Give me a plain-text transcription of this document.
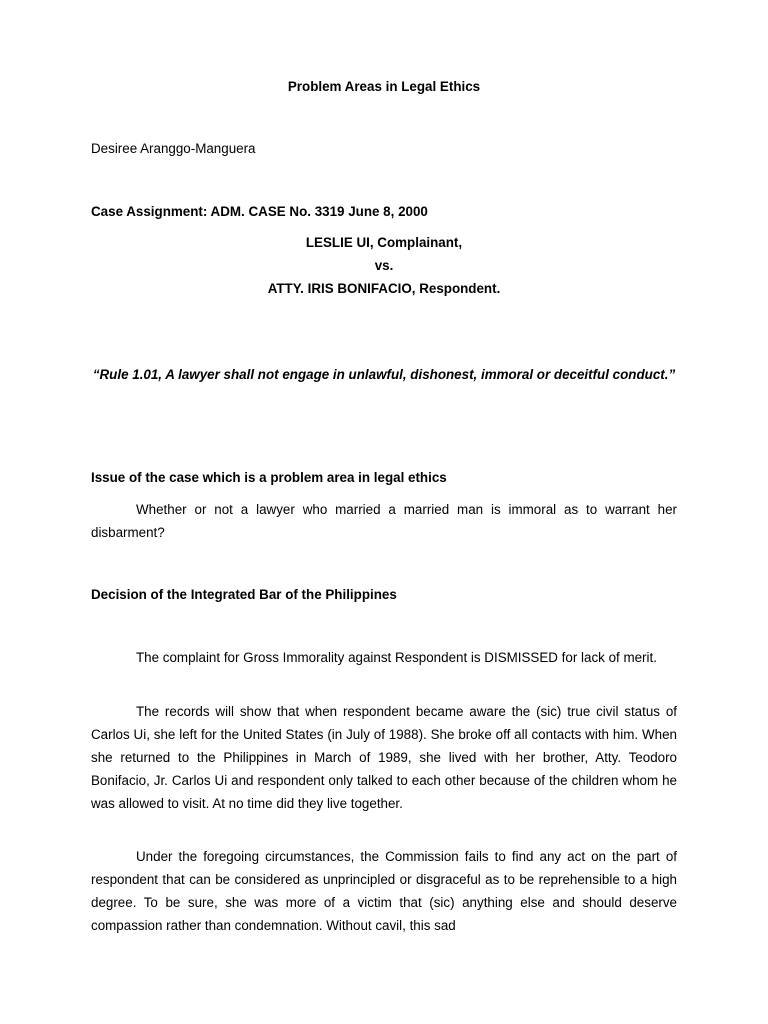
Problem Areas in Legal Ethics

Desiree Aranggo-Manguera

Case Assignment: ADM. CASE No. 3319 June 8, 2000

LESLIE UI, Complainant,

vs.

ATTY. IRIS BONIFACIO, Respondent.

“Rule 1.01, A lawyer shall not engage in unlawful, dishonest, immoral or deceitful conduct.”

Issue of the case which is a problem area in legal ethics

Whether or not a lawyer who married a married man is immoral as to warrant her disbarment?

Decision of the Integrated Bar of the Philippines

The complaint for Gross Immorality against Respondent is DISMISSED for lack of merit.

The records will show that when respondent became aware the (sic) true civil status of Carlos Ui, she left for the United States (in July of 1988). She broke off all contacts with him. When she returned to the Philippines in March of 1989, she lived with her brother, Atty. Teodoro Bonifacio, Jr. Carlos Ui and respondent only talked to each other because of the children whom he was allowed to visit. At no time did they live together.

Under the foregoing circumstances, the Commission fails to find any act on the part of respondent that can be considered as unprincipled or disgraceful as to be reprehensible to a high degree. To be sure, she was more of a victim that (sic) anything else and should deserve compassion rather than condemnation. Without cavil, this sad
